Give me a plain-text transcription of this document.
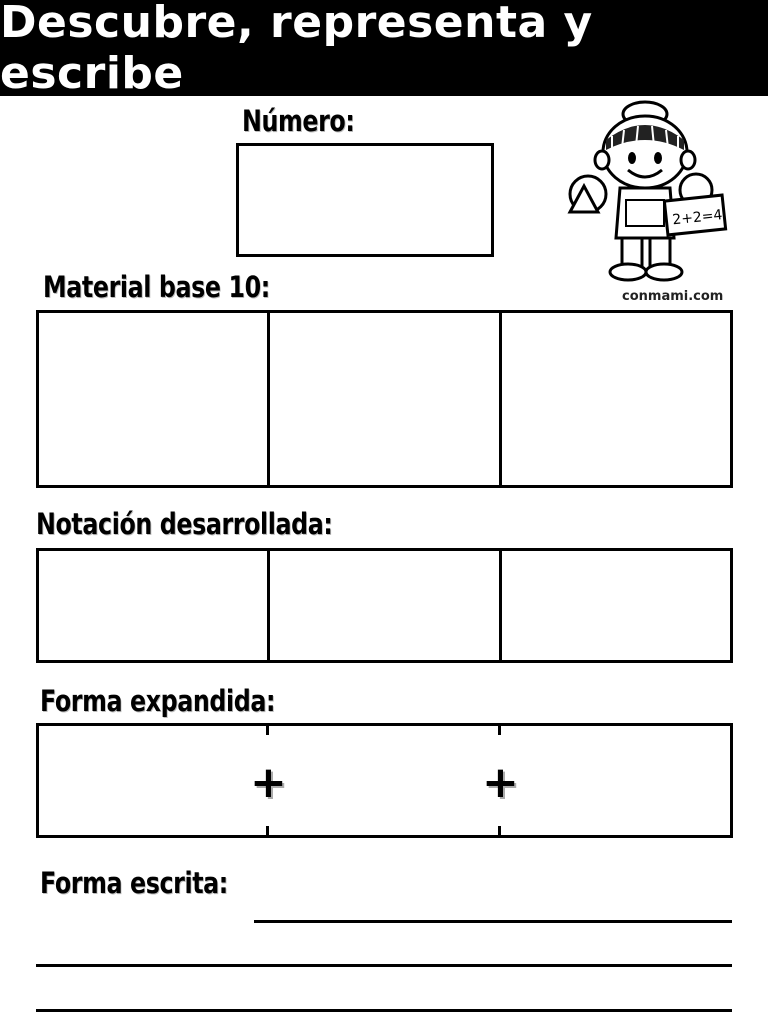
Descubre, representa y escribe
Número:
2+2=4
conmami.com
Material base 10:
Notación desarrollada:
Forma expandida:
+	+
Forma escrita:
